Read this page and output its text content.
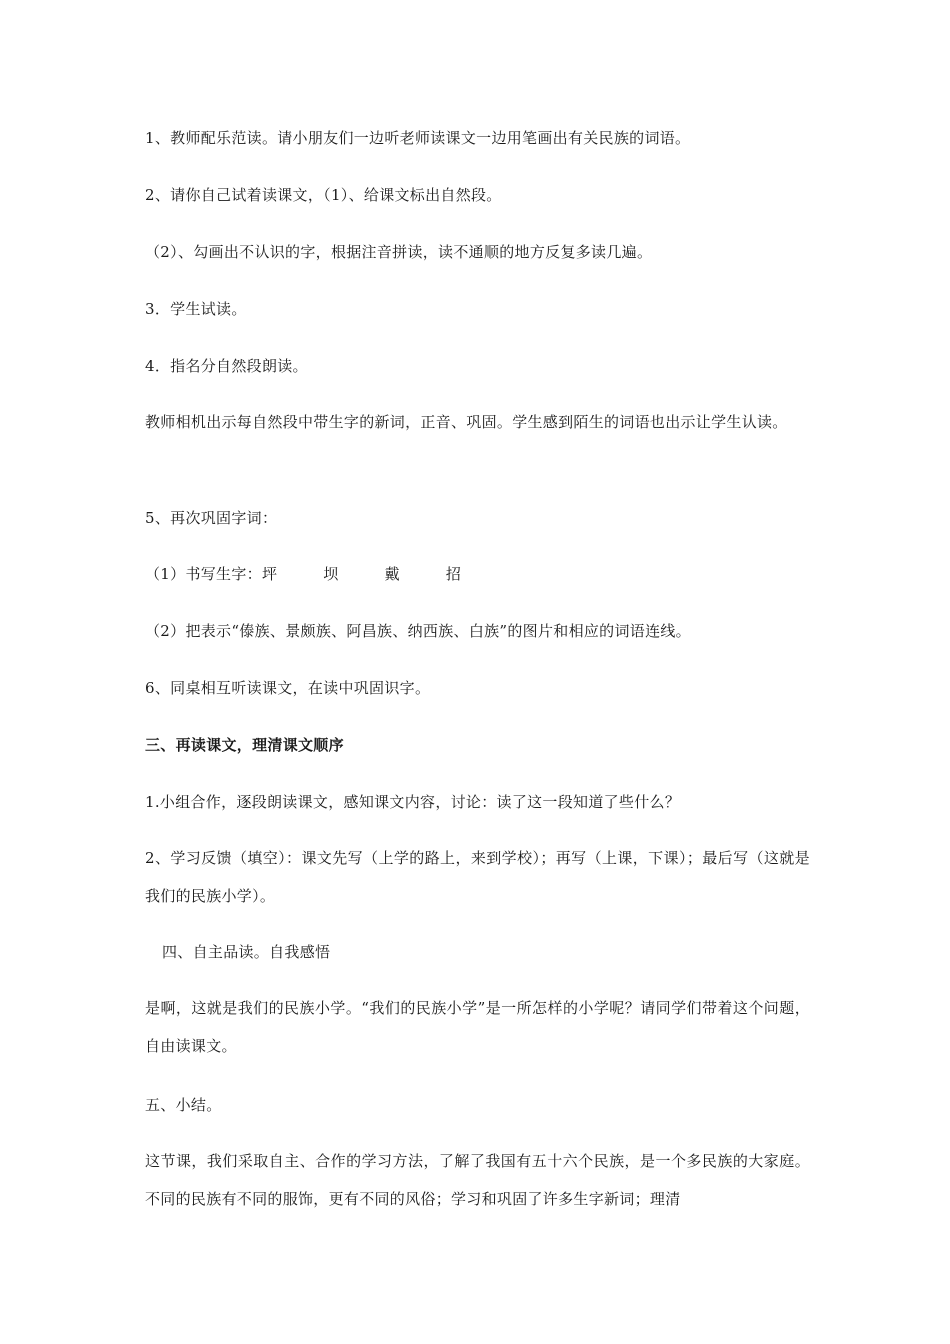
1、教师配乐范读。请小朋友们一边听老师读课文一边用笔画出有关民族的词语。
2、请你自己试着读课文，（1）、给课文标出自然段。
（2）、勾画出不认识的字，根据注音拼读，读不通顺的地方反复多读几遍。
3．学生试读。
4．指名分自然段朗读。
教师相机出示每自然段中带生字的新词，正音、巩固。学生感到陌生的词语也出示让学生认读。
5、再次巩固字词：
（1）书写生字：坪	坝	戴	招
（2）把表示“傣族、景颇族、阿昌族、纳西族、白族”的图片和相应的词语连线。
6、同桌相互听读课文，在读中巩固识字。
三、再读课文，理清课文顺序
1.小组合作，逐段朗读课文，感知课文内容，讨论：读了这一段知道了些什么？
2、学习反馈（填空）：课文先写（上学的路上，来到学校）；再写（上课，下课）；最后写（这就是我们的民族小学）。
四、自主品读。自我感悟
是啊，这就是我们的民族小学。“我们的民族小学”是一所怎样的小学呢？请同学们带着这个问题，自由读课文。
五、小结。
这节课，我们采取自主、合作的学习方法，了解了我国有五十六个民族，是一个多民族的大家庭。不同的民族有不同的服饰，更有不同的风俗；学习和巩固了许多生字新词；理清
